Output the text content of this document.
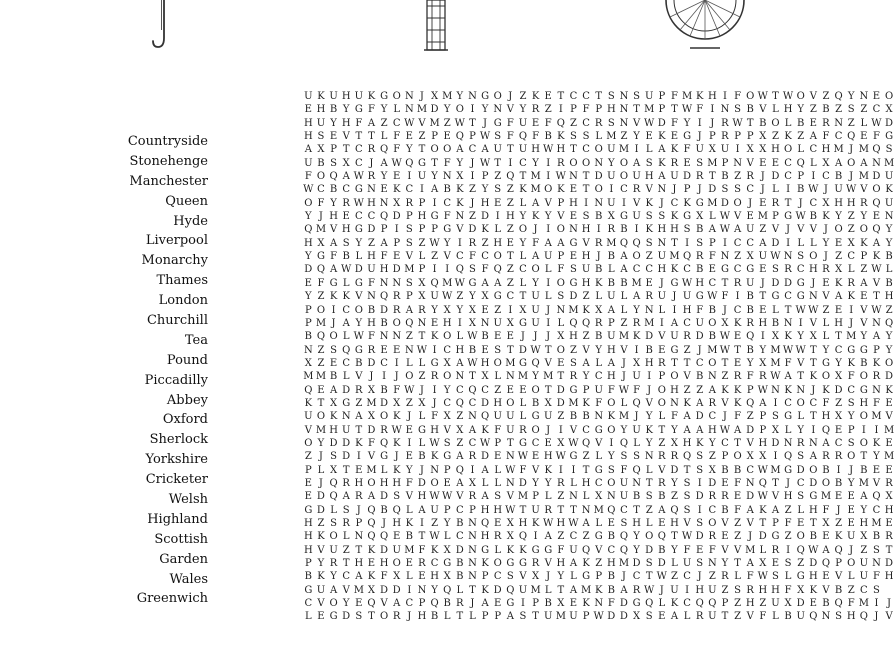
Countryside
Stonehenge
Manchester
Queen
Hyde
Liverpool
Monarchy
Thames
London
Churchill
Tea
Pound
Piccadilly
Abbey
Oxford
Sherlock
Yorkshire
Cricketer
Welsh
Highland
Scottish
Garden
Wales
Greenwich
U K U H U K G O N J X M Y N G O J Z K E T C C T S N S U P F M K H I F O W T W O V Z Q Y N E O
E H B Y G F Y L N M D Y O I Y N V Y R Z I P F P H N T M P T W F I N S B V L H Y Z B Z S Z C X
H U Y H F A Z C W V M Z W T J G F U E F Q Z C R S N V W D F Y I J R W T B O L B E R N Z L W D
H S E V T T L F E Z P E Q P W S F Q F B K S S L M Z Y E K E G J P R P P X Z K Z A F C Q E F G
A X P T C R Q F Y T O O A C A U T U H W H T C O U M I L A K F U X U I X X H O L C H M J M Q S
U B S X C J A W Q G T F Y J W T I C Y I R O O N Y O A S K R E S M P N V E E C Q L X A O A N M
F O Q A W R Y E I U Y N X I P Z Q T M I W N T D U O U H A U D R T B Z R J D C P I C B J M D U
W C B C G N E K C I A B K Z Y S Z K M O K E T O I C R V N J P J D S S C J L I B W J U W V O K
O F Y R W H N X R P I C K J H E Z L A V P H I N U I V K J C K G M D O J E R T J C X H H R Q U
Y J H E C C Q D P H G F N Z D I H Y K Y V E S B X G U S S K G X L W V E M P G W B K Y Z Y E N
Q M V H G D P I S P P G V D K L Z O J I O N H I R B I K H H S B A W A U Z V J V V J O Z O Q Y
H X A S Y Z A P S Z W Y I R Z H E Y F A A G V R M Q Q S N T I S P I C C A D I L L Y E X K A Y
Y G F B L H F E V L Z V C F C O T L A U P E H J B A O Z U M Q R F N Z X U W N S O J Z C P K B
D Q A W D U H D M P I I Q S F Q Z C O L F S U B L A C C H K C B E G C G E S R C H R X L Z W L
E F G L G F N N S X Q M W G A A Z L Y I O G H K B B M E J G W H C T R U J D D G J E K R A V B
Y Z K K V N Q R P X U W Z Y X G C T U L S D Z L U L A R U J U G W F I B T G C G N V A K E T H
P O I C O B D R A R Y X Y X E Z I X U J N M K X A L Y N L I H F B J C B E L T W W Z E I V W Z
P M J A Y H B O Q N E H I X N U X G U I L Q Q R P Z R M I A C U O X K R H B N I V L H J V N Q
B Q O L W F N N Z T K O L W B E E J J J X H Z B U M K D V U R D B W E Q I X K Y X L T M Y A Y
N Z S Q G R E E N W I C H B E S T D W T O Z V Y H V I B E G Z J M W T B Y M W W T Y C G G P Y
X Z E C B D C I L L G X A W H O M G Q V E S A L A J X H R T T C O T E Y X M F V T G Y K B K O
M M B L V J I J O Z R O N T X L N M Y M T R Y C H J U I P O V B N Z R F R W A T K O X F O R D
Q E A D R X B F W J I Y C Q C Z E E O T D G P U F W F J O H Z Z A K K P W N K N J K D C G N K
K T X G Z M D X Z X J C Q C D H O L B X D M K F O L Q V O N K A R V K Q A I C O C F Z S H F E
U O K N A X O K J L F X Z N Q U U L G U Z B B N K M J Y L F A D C J F Z P S G L T H X Y O M V
V M H U T D R W E G H V X A K F U R O J I V C G O Y U K T Y A A H W A D P X L Y I Q E P I I M
O Y D D K F Q K I L W S Z C W P T G C E X W Q V I Q L Y Z X H K Y C T V H D N R N A C S O K E
Z J S D I V G J E B K G A R D E N W E H W G Z L Y S S N R R Q S Z P O X X I Q S A R R O T Y M
P L X T E M L K Y J N P Q I A L W F V K I I T G S F Q L V D T S X B B C W M G D O B I J B E E
E J Q R H O H H F D O E A X L L N D Y Y R L H C O U N T R Y S I D E F N Q T J C D O B Y M V R
E D Q A R A D S V H W W V R A S V M P L Z N L X N U B S B Z S D R R E D W V H S G M E E A Q X
G D L S J Q B Q L A U P C P H H W T U R T T N M Q C T Z A Q S I C B F A K A Z L H F J E Y C H
H Z S R P Q J H K I Z Y B N Q E X H K W H W A L E S H L E H V S O V Z V T P F E T X Z E H M E
H K O L N Q Q E B T W L C N H R X Q I A Z C Z G B Q Y O Q T W D R E Z J D G Z O B E K U X B R
H V U Z T K D U M F K X D N G L K K G G F U Q V C Q Y D B Y F E F V V M L R I Q W A Q J Z S T
P Y R T H E H O E R C G B N K O G G R V H A K Z H M D S D L U S N Y T A X E S Z D Q P O U N D
B K Y C A K F X L E H X B N P C S V X J Y L G P B J C T W Z C J Z R L F W S L G H E V L U F H
G U A V M X D D I N Y Q L T K D Q U M L T A M K B A R W J U I H U Z S R H H F X K V B Z C S
C V O Y E Q V A C P Q B R J A E G I P B X E K N F D G Q L K C Q Q P Z H Z U X D E B Q F M I J
L E G D S T O R J H B L T L P P A S T U M U P W D D X S E A L R U T Z V F L B U Q N S H Q J V
